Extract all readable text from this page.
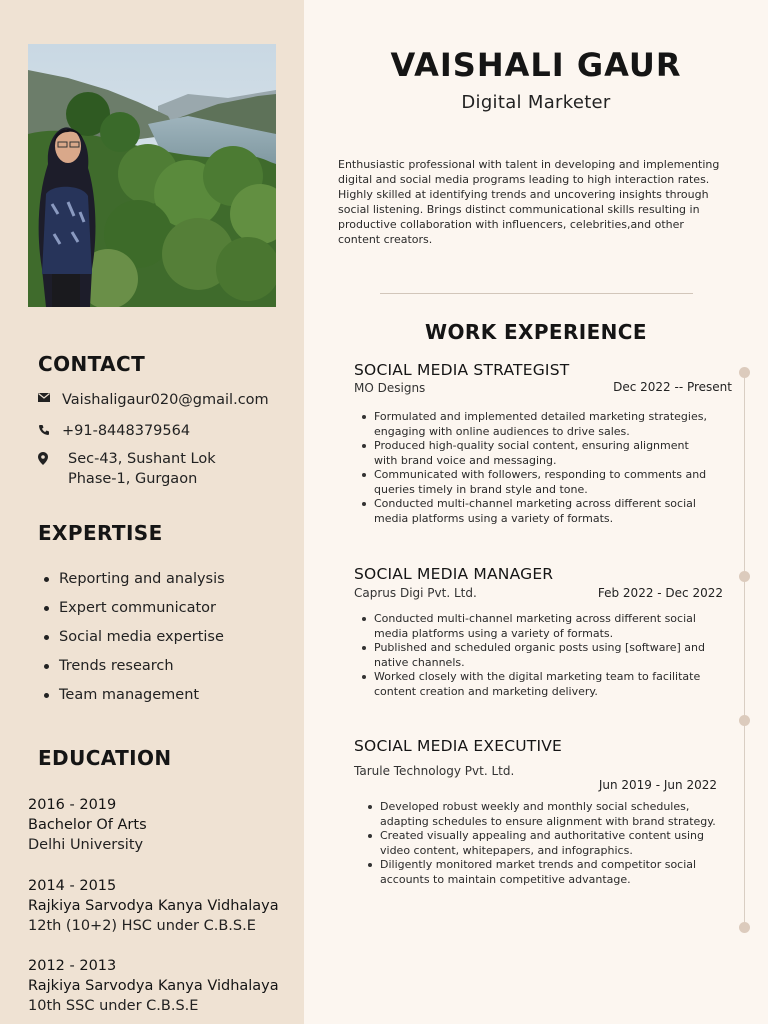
CONTACT
Vaishaligaur020@gmail.com
+91-8448379564
Sec-43, Sushant Lok
Phase-1, Gurgaon
EXPERTISE
Reporting and analysis
Expert communicator
Social media expertise
Trends research
Team management
EDUCATION
2016 - 2019
Bachelor Of Arts
Delhi University
2014 - 2015
Rajkiya Sarvodya Kanya Vidhalaya
12th (10+2) HSC under C.B.S.E
2012 - 2013
Rajkiya Sarvodya Kanya Vidhalaya
10th SSC under C.B.S.E
VAISHALI GAUR
Digital Marketer
Enthusiastic professional with talent in developing and implementing digital and social media programs leading to high interaction rates. Highly skilled at identifying trends and uncovering insights through social listening. Brings distinct communicational skills resulting in productive collaboration with influencers, celebrities,and other content creators.
WORK EXPERIENCE
SOCIAL MEDIA STRATEGIST
MO Designs	Dec 2022 -- Present
Formulated and implemented detailed marketing strategies, engaging with online audiences to drive sales.
Produced high-quality social content, ensuring alignment with brand voice and messaging.
Communicated with followers, responding to comments and queries timely in brand style and tone.
Conducted multi-channel marketing across different social media platforms using a variety of formats.
SOCIAL MEDIA MANAGER
Caprus Digi Pvt. Ltd.	Feb 2022 - Dec 2022
Conducted multi-channel marketing across different social media platforms using a variety of formats.
Published and scheduled organic posts using [software] and native channels.
Worked closely with the digital marketing team to facilitate content creation and marketing delivery.
SOCIAL MEDIA EXECUTIVE
Tarule Technology Pvt. Ltd.
Jun 2019 - Jun 2022
Developed robust weekly and monthly social schedules, adapting schedules to ensure alignment with brand strategy.
Created visually appealing and authoritative content using video content, whitepapers, and infographics.
Diligently monitored market trends and competitor social accounts to maintain competitive advantage.
